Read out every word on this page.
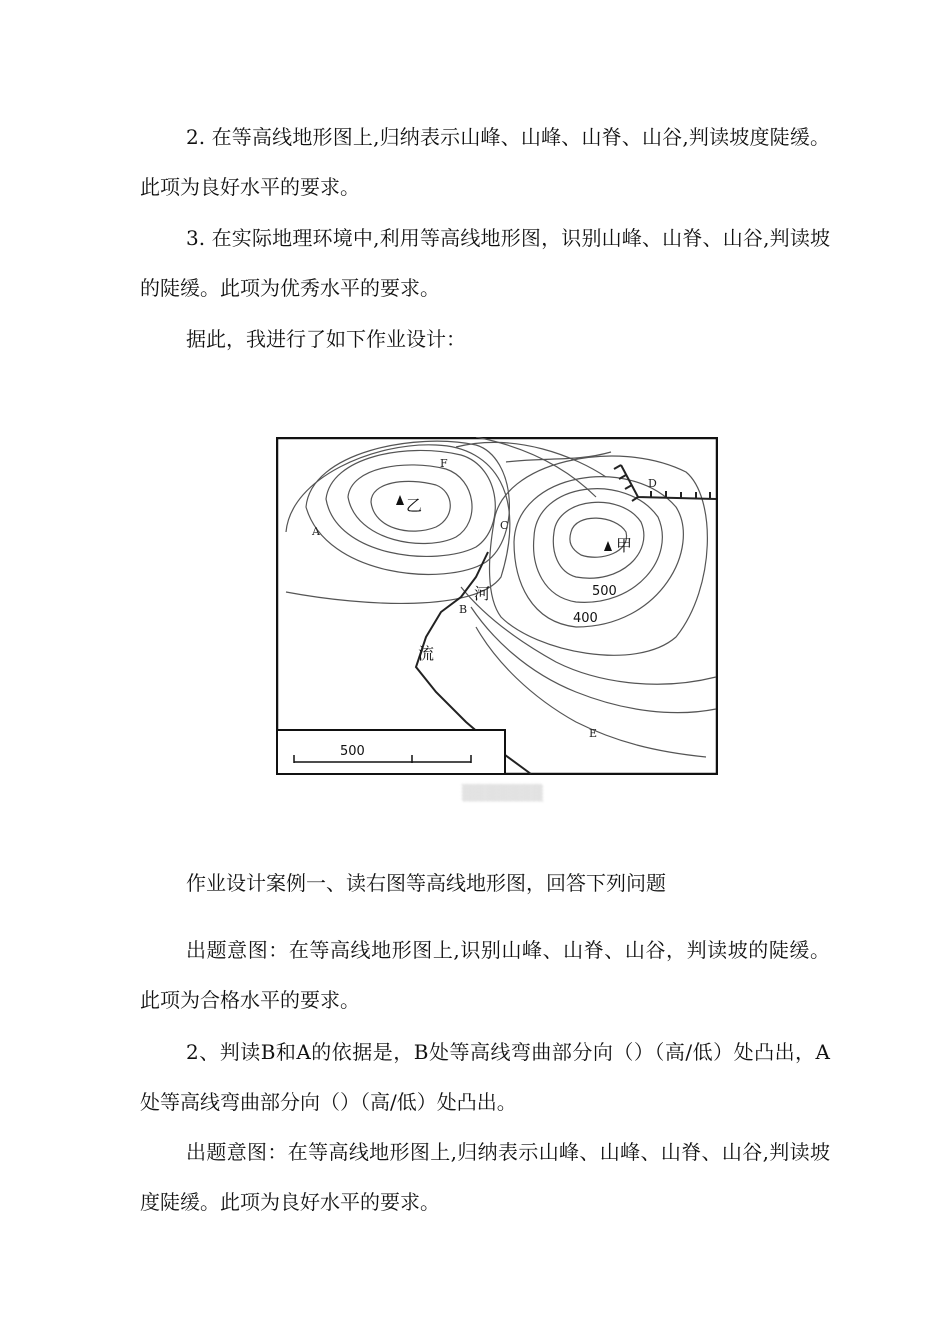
2. 在等高线地形图上,归纳表示山峰、山峰、山脊、山谷,判读坡度陡缓。此项为良好水平的要求。

3. 在实际地理环境中,利用等高线地形图，识别山峰、山脊、山谷,判读坡的陡缓。此项为优秀水平的要求。

据此，我进行了如下作业设计：

F
A	C
D
B
E
乙
甲
河
流
500
400
500
▒▒▒▒▒▒▒

作业设计案例一、读右图等高线地形图，回答下列问题

出题意图：在等高线地形图上,识别山峰、山脊、山谷，判读坡的陡缓。此项为合格水平的要求。

2、判读B和A的依据是，B处等高线弯曲部分向（）（高/低）处凸出，A处等高线弯曲部分向（）（高/低）处凸出。

出题意图：在等高线地形图上,归纳表示山峰、山峰、山脊、山谷,判读坡度陡缓。此项为良好水平的要求。
